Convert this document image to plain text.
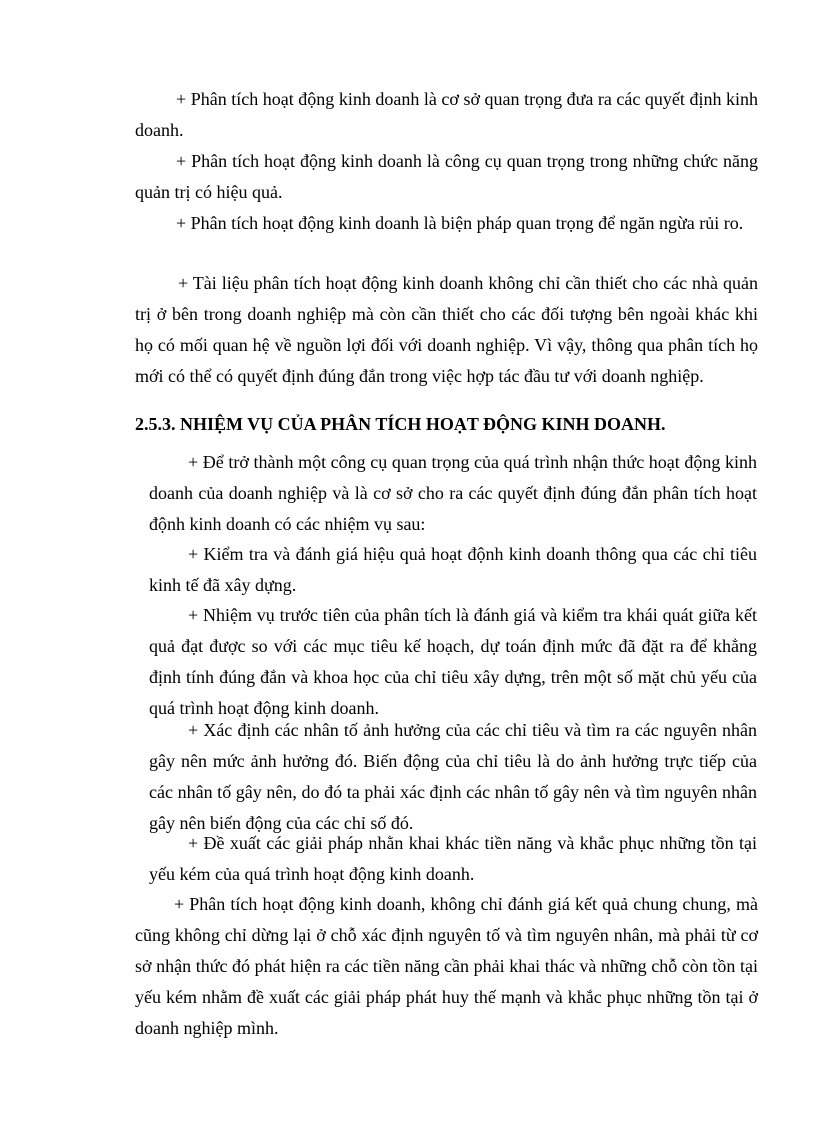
+ Phân tích hoạt động kinh doanh là cơ sở quan trọng đưa ra các quyết định kinh doanh.

+ Phân tích hoạt động kinh doanh là công cụ quan trọng trong những chức năng quản trị có hiệu quả.

+ Phân tích hoạt động kinh doanh là biện pháp quan trọng để ngăn ngừa rủi ro.

+ Tài liệu phân tích hoạt động kinh doanh không chỉ cần thiết cho các nhà quản trị ở bên trong doanh nghiệp mà còn cần thiết cho các đối tượng bên ngoài khác khi họ có mối quan hệ về nguồn lợi đối với doanh nghiệp. Vì vậy, thông qua phân tích họ mới có thể có quyết định đúng đắn trong việc hợp tác đầu tư với doanh nghiệp.

2.5.3. NHIỆM VỤ CỦA PHÂN TÍCH HOẠT ĐỘNG KINH DOANH.

+ Để trở thành một công cụ quan trọng của quá trình nhận thức hoạt động kinh doanh của doanh nghiệp và là cơ sở cho ra các quyết định đúng đắn phân tích hoạt độnh kinh doanh có các nhiệm vụ sau:

+ Kiểm tra và đánh giá hiệu quả hoạt độnh kinh doanh thông qua các chỉ tiêu kinh tế đã xây dựng.

+ Nhiệm vụ trước tiên của phân tích là đánh giá và kiểm tra khái quát giữa kết quả đạt được so với các mục tiêu kế hoạch, dự toán định mức đã đặt ra để khẳng định tính đúng đắn và khoa học của chỉ tiêu xây dựng, trên một số mặt chủ yếu của quá trình hoạt động kinh doanh.

+ Xác định các nhân tố ảnh hưởng của các chỉ tiêu và tìm ra các nguyên nhân gây nên mức ảnh hưởng đó. Biến động của chỉ tiêu là do ảnh hưởng trực tiếp của các nhân tố gây nên, do đó ta phải xác định các nhân tố gây nên và tìm nguyên nhân gây nên biến động của các chỉ số đó.

+ Đề xuất các giải pháp nhằn khai khác tiền năng và khắc phục những tồn tại yếu kém của quá trình hoạt động kinh doanh.

+ Phân tích hoạt động kinh doanh, không chỉ đánh giá kết quả chung chung, mà cũng không chỉ dừng lại ở chỗ xác định nguyên tố và tìm nguyên nhân, mà phải từ cơ sở nhận thức đó phát hiện ra các tiền năng cần phải khai thác và những chỗ còn tồn tại yếu kém nhằm đề xuất các giải pháp phát huy thế mạnh và khắc phục những tồn tại ở doanh nghiệp mình.
